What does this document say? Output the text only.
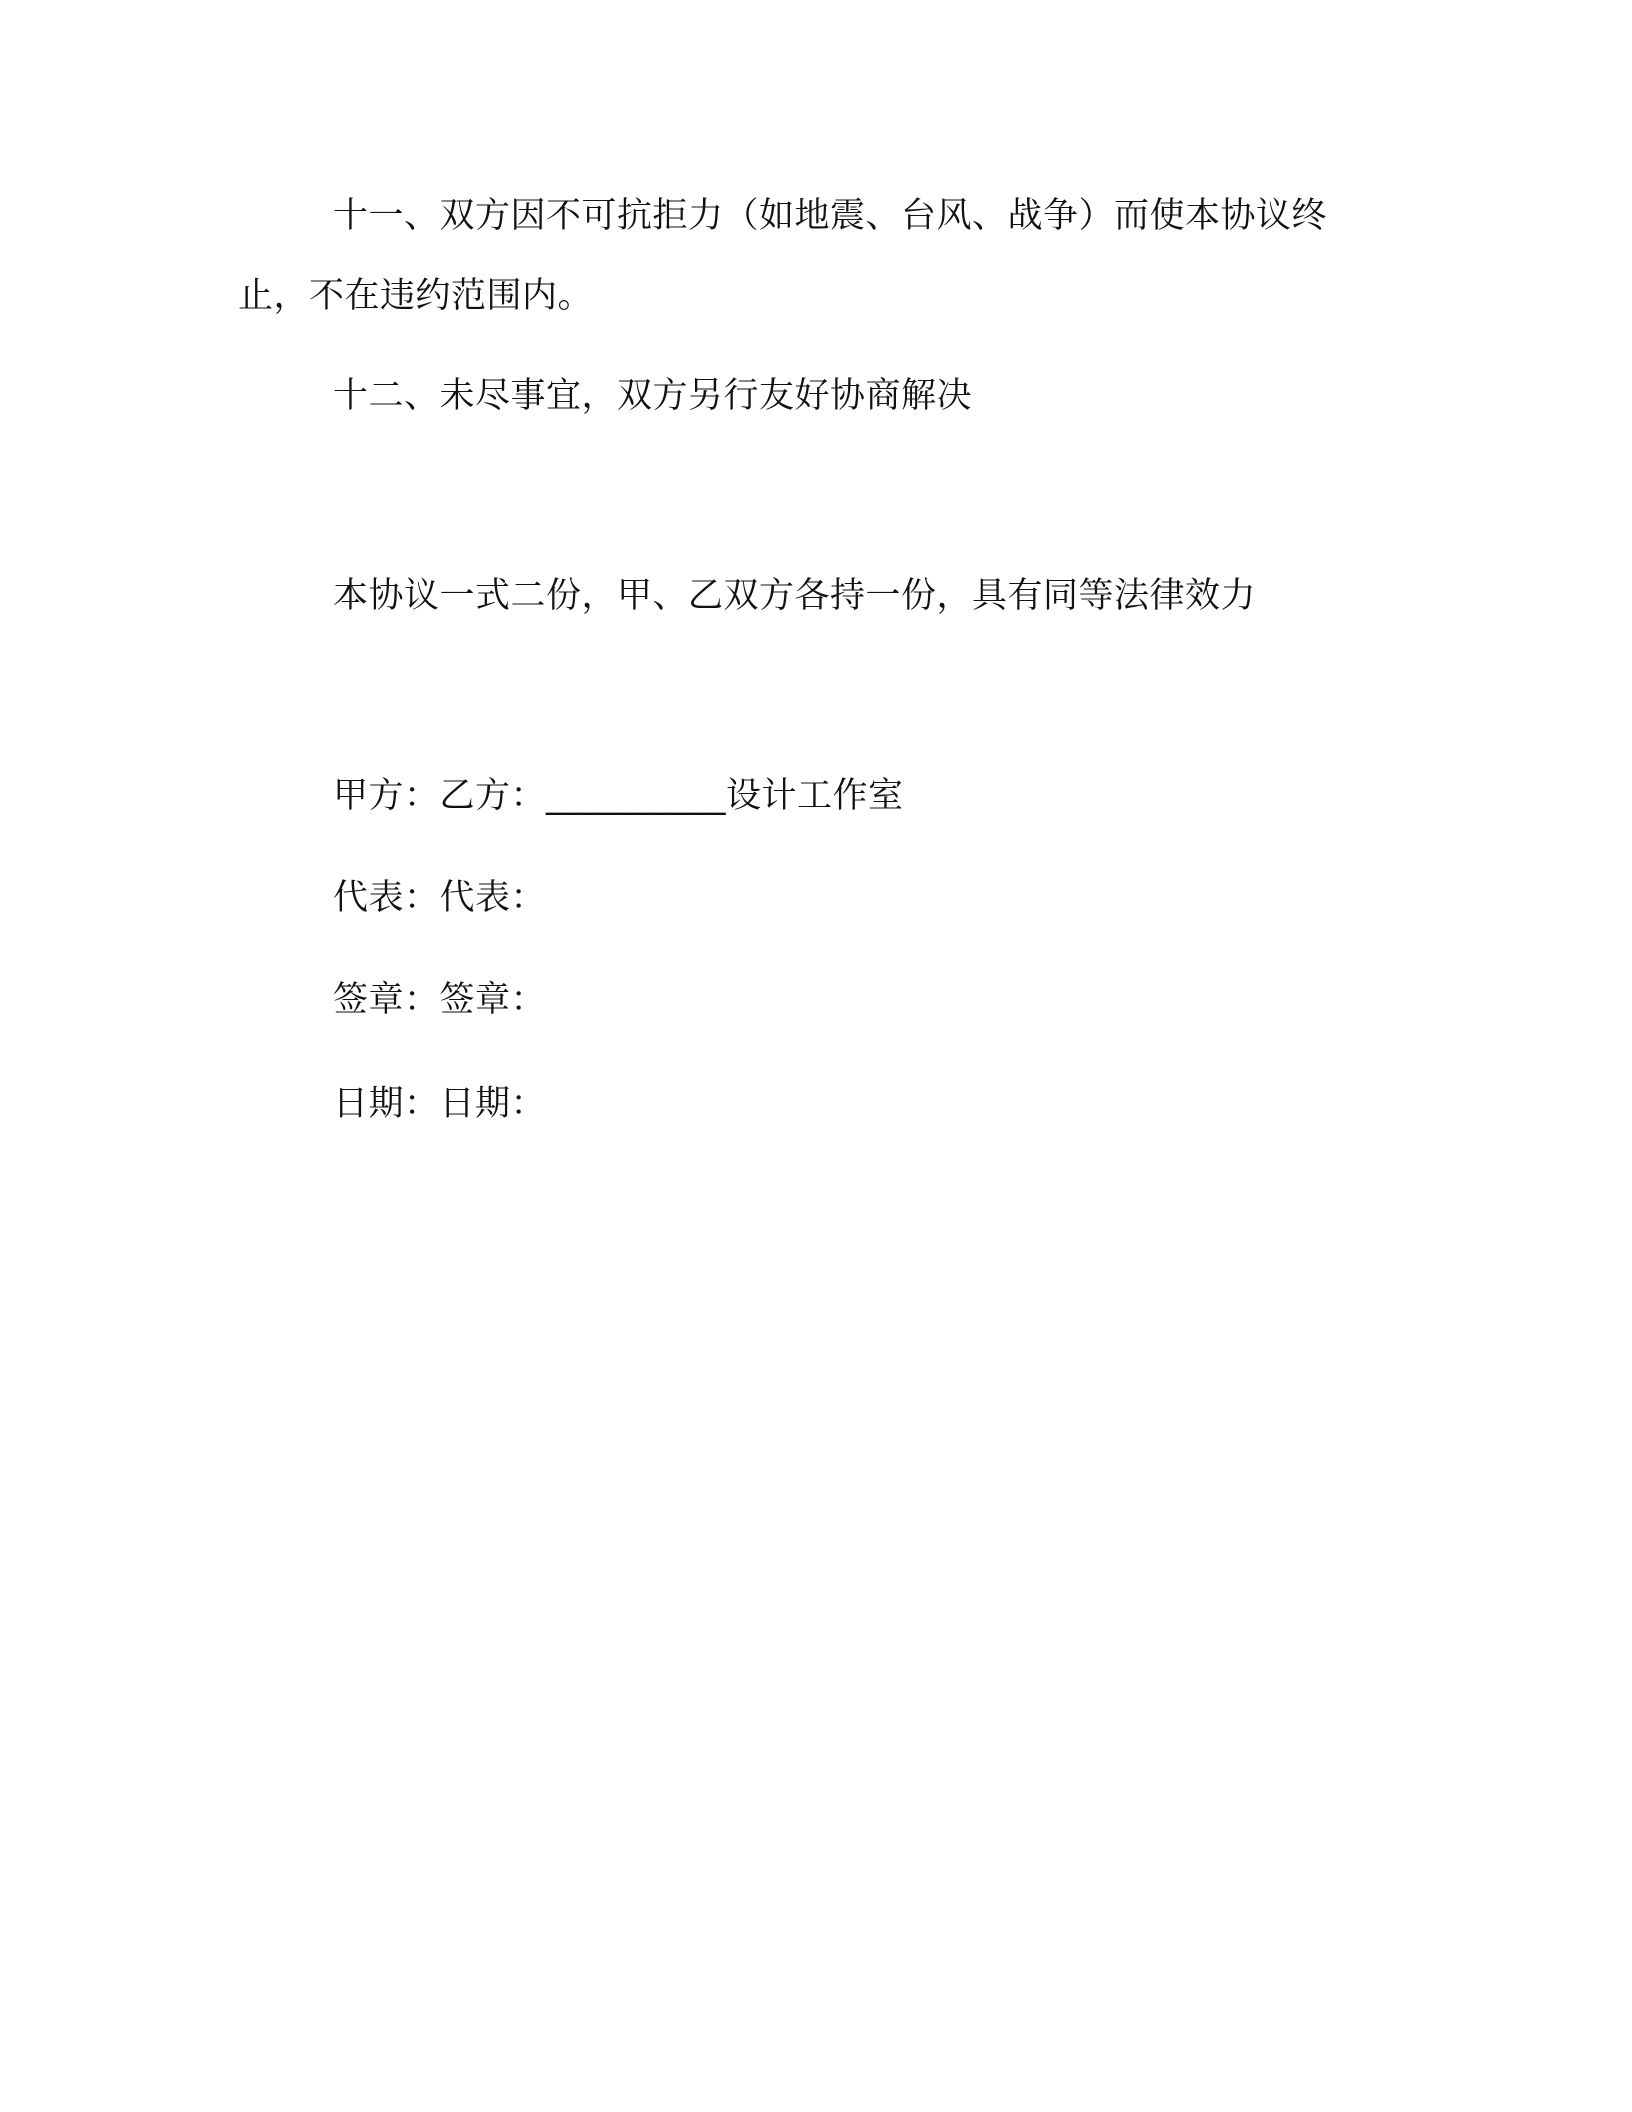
十一、双方因不可抗拒力（如地震、台风、战争）而使本协议终
止，不在违约范围内。
十二、未尽事宜，双方另行友好协商解决
本协议一式二份，甲、乙双方各持一份，具有同等法律效力
甲方：乙方：__________设计工作室
代表：代表：
签章：签章：
日期：日期：
